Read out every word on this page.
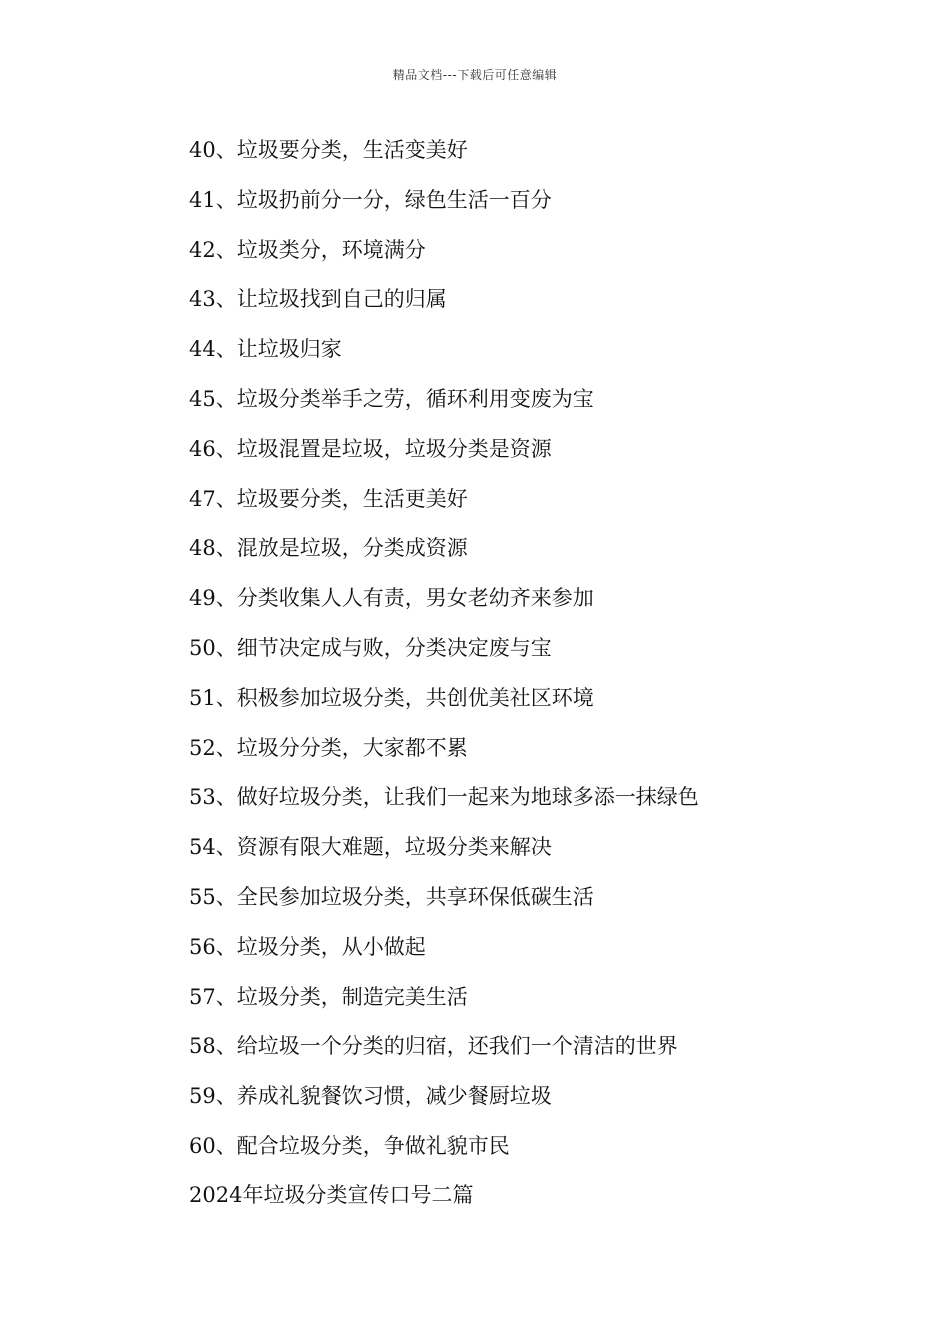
精品文档---下载后可任意编辑
40、垃圾要分类，生活变美好
41、垃圾扔前分一分，绿色生活一百分
42、垃圾类分，环境满分
43、让垃圾找到自己的归属
44、让垃圾归家
45、垃圾分类举手之劳，循环利用变废为宝
46、垃圾混置是垃圾，垃圾分类是资源
47、垃圾要分类，生活更美好
48、混放是垃圾，分类成资源
49、分类收集人人有责，男女老幼齐来参加
50、细节决定成与败，分类决定废与宝
51、积极参加垃圾分类，共创优美社区环境
52、垃圾分分类，大家都不累
53、做好垃圾分类，让我们一起来为地球多添一抹绿色
54、资源有限大难题，垃圾分类来解决
55、全民参加垃圾分类，共享环保低碳生活
56、垃圾分类，从小做起
57、垃圾分类，制造完美生活
58、给垃圾一个分类的归宿，还我们一个清洁的世界
59、养成礼貌餐饮习惯，减少餐厨垃圾
60、配合垃圾分类，争做礼貌市民
2024年垃圾分类宣传口号二篇
